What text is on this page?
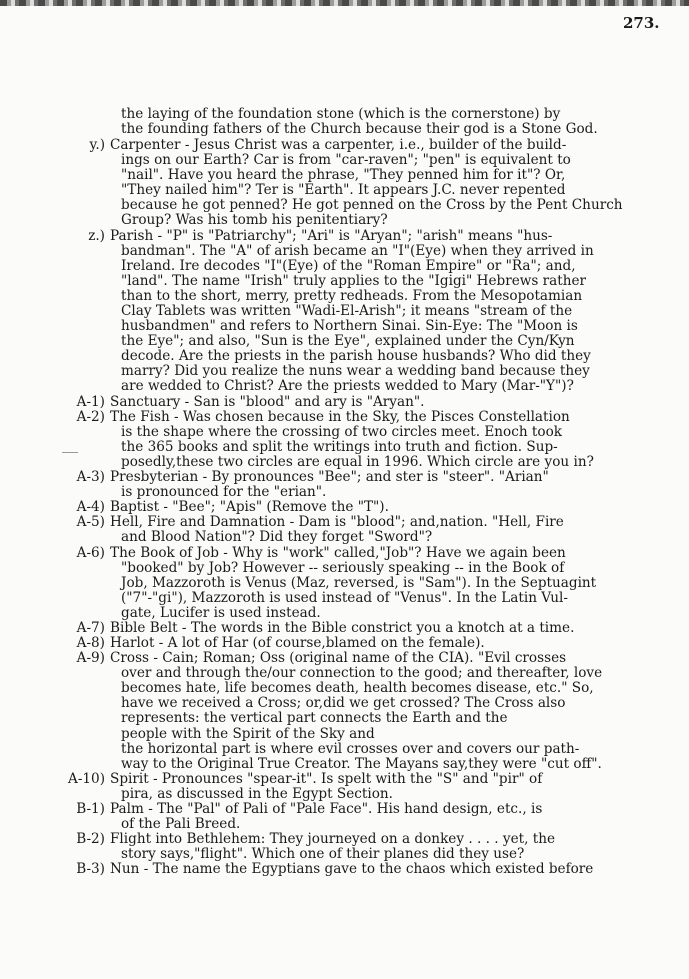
273.
the laying of the foundation stone (which is the cornerstone) by
the founding fathers of the Church because their god is a Stone God.
y.) Carpenter - Jesus Christ was a carpenter, i.e., builder of the build-
ings on our Earth? Car is from "car-raven"; "pen" is equivalent to
"nail". Have you heard the phrase, "They penned him for it"? Or,
"They nailed him"? Ter is "Earth". It appears J.C. never repented
because he got penned? He got penned on the Cross by the Pent Church
Group? Was his tomb his penitentiary?
z.) Parish - "P" is "Patriarchy"; "Ari" is "Aryan"; "arish" means "hus-
bandman". The "A" of arish became an "I"(Eye) when they arrived in
Ireland. Ire decodes "I"(Eye) of the "Roman Empire" or "Ra"; and,
"land". The name "Irish" truly applies to the "Igigi" Hebrews rather
than to the short, merry, pretty redheads. From the Mesopotamian
Clay Tablets was written "Wadi-El-Arish"; it means "stream of the
husbandmen" and refers to Northern Sinai. Sin-Eye: The "Moon is
the Eye"; and also, "Sun is the Eye", explained under the Cyn/Kyn
decode. Are the priests in the parish house husbands? Who did they
marry? Did you realize the nuns wear a wedding band because they
are wedded to Christ? Are the priests wedded to Mary (Mar-"Y")?
A-1) Sanctuary - San is "blood" and ary is "Aryan".
A-2) The Fish - Was chosen because in the Sky, the Pisces Constellation
is the shape where the crossing of two circles meet. Enoch took
the 365 books and split the writings into truth and fiction. Sup-
posedly,these two circles are equal in 1996. Which circle are you in?
A-3) Presbyterian - By pronounces "Bee"; and ster is "steer". "Arian"
is pronounced for the "erian".
A-4) Baptist - "Bee"; "Apis" (Remove the "T").
A-5) Hell, Fire and Damnation - Dam is "blood"; and,nation. "Hell, Fire
and Blood Nation"? Did they forget "Sword"?
A-6) The Book of Job - Why is "work" called,"Job"? Have we again been
"booked" by Job? However -- seriously speaking -- in the Book of
Job, Mazzoroth is Venus (Maz, reversed, is "Sam"). In the Septuagint
("7"-"gi"), Mazzoroth is used instead of "Venus". In the Latin Vul-
gate, Lucifer is used instead.
A-7) Bible Belt - The words in the Bible constrict you a knotch at a time.
A-8) Harlot - A lot of Har (of course,blamed on the female).
A-9) Cross - Cain; Roman; Oss (original name of the CIA). "Evil crosses
over and through the/our connection to the good; and thereafter, love
becomes hate, life becomes death, health becomes disease, etc." So,
have we received a Cross; or,did we get crossed? The Cross also
represents: the vertical part connects the Earth and the
people with the Spirit of the Sky and
the horizontal part is where evil crosses over and covers our path-
way to the Original True Creator. The Mayans say,they were "cut off".
A-10) Spirit - Pronounces "spear-it". Is spelt with the "S" and "pir" of
pira, as discussed in the Egypt Section.
B-1) Palm - The "Pal" of Pali of "Pale Face". His hand design, etc., is
of the Pali Breed.
B-2) Flight into Bethlehem: They journeyed on a donkey . . . . yet, the
story says,"flight". Which one of their planes did they use?
B-3) Nun - The name the Egyptians gave to the chaos which existed before
